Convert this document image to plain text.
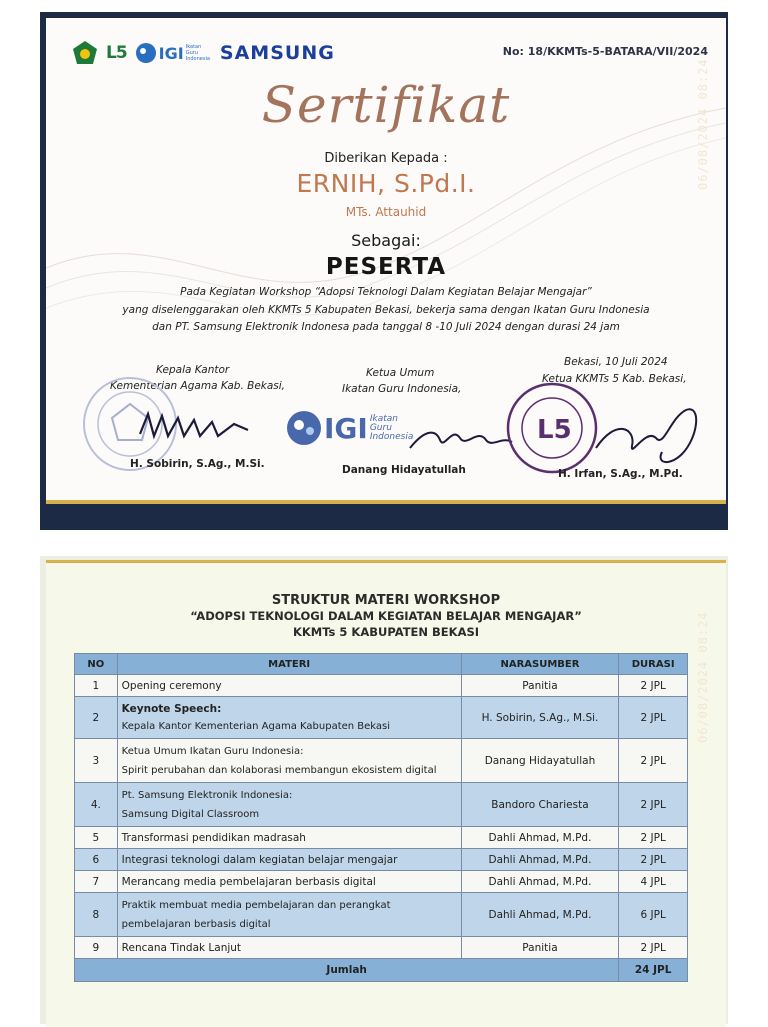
L5 IGI Ikatan
Guru
Indonesia SAMSUNG	No: 18/KKMTs-5-BATARA/VII/2024
Sertifikat
Diberikan Kepada :
ERNIH, S.Pd.I.
MTs. Attauhid
Sebagai:
PESERTA
Pada Kegiatan Workshop “Adopsi Teknologi Dalam Kegiatan Belajar Mengajar”
yang diselenggarakan oleh KKMTs 5 Kabupaten Bekasi, bekerja sama dengan Ikatan Guru Indonesia
dan PT. Samsung Elektronik Indonesa pada tanggal 8 -10 Juli 2024 dengan durasi 24 jam
Kepala Kantor
Kementerian Agama Kab. Bekasi,
H. Sobirin, S.Ag., M.Si.
Ketua Umum
Ikatan Guru Indonesia,
IGI Ikatan
Guru
Indonesia
Danang Hidayatullah
Bekasi, 10 Juli 2024
Ketua KKMTs 5 Kab. Bekasi,
L5
H. Irfan, S.Ag., M.Pd.
06/08/2024 08:24
STRUKTUR MATERI WORKSHOP
“ADOPSI TEKNOLOGI DALAM KEGIATAN BELAJAR MENGAJAR”
KKMTs 5 KABUPATEN BEKASI
NO	MATERI	NARASUMBER	DURASI
1	Opening ceremony	Panitia	2 JPL
2	Keynote Speech:
Kepala Kantor Kementerian Agama Kabupaten Bekasi	H. Sobirin, S.Ag., M.Si.	2 JPL
3	Ketua Umum Ikatan Guru Indonesia:
Spirit perubahan dan kolaborasi membangun ekosistem digital	Danang Hidayatullah	2 JPL
4.	Pt. Samsung Elektronik Indonesia:
Samsung Digital Classroom	Bandoro Chariesta	2 JPL
5	Transformasi pendidikan madrasah	Dahli Ahmad, M.Pd.	2 JPL
6	Integrasi teknologi dalam kegiatan belajar mengajar	Dahli Ahmad, M.Pd.	2 JPL
7	Merancang media pembelajaran berbasis digital	Dahli Ahmad, M.Pd.	4 JPL
8	Praktik membuat media pembelajaran dan perangkat
pembelajaran berbasis digital	Dahli Ahmad, M.Pd.	6 JPL
9	Rencana Tindak Lanjut	Panitia	2 JPL
Jumlah			24 JPL
06/08/2024 08:24
